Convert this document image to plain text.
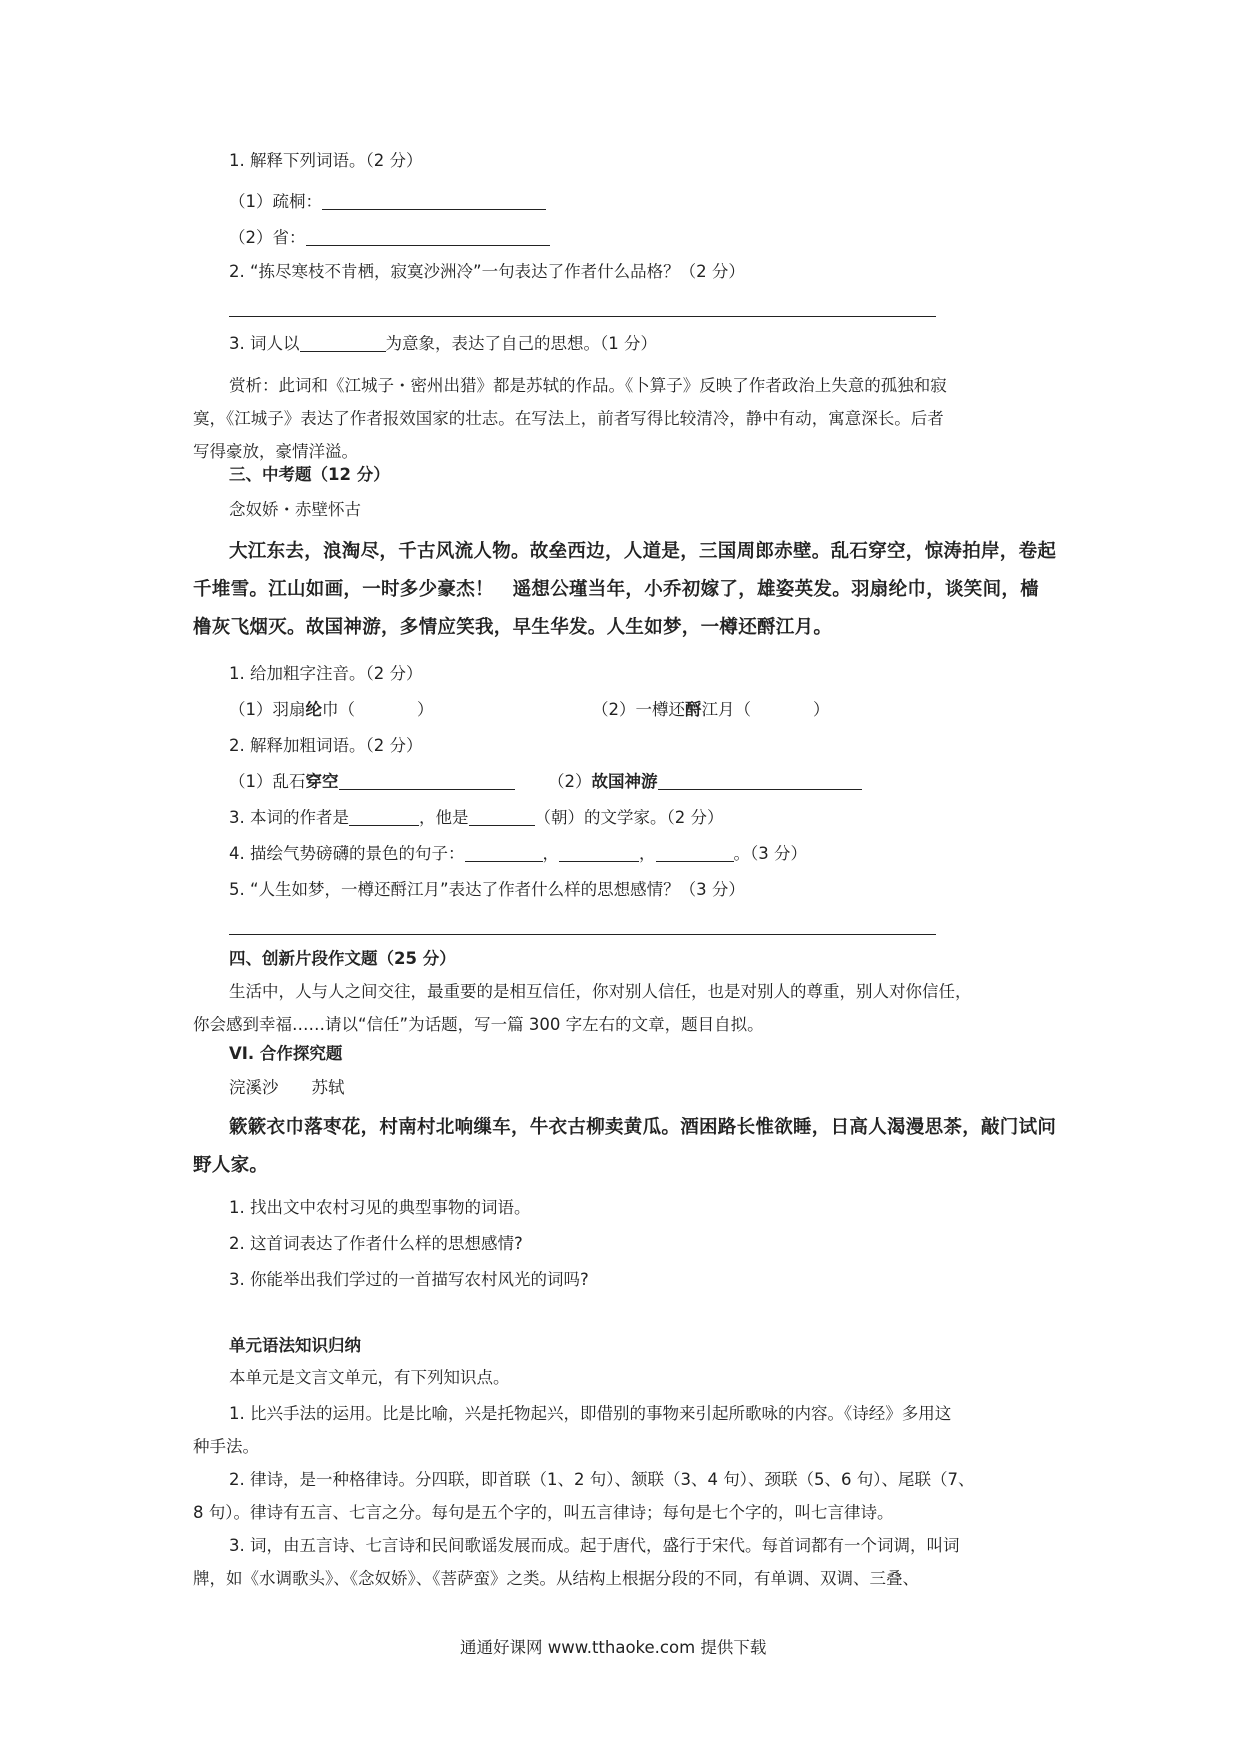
1. 解释下列词语。（2 分）
（1）疏桐：
（2）省：
2. “拣尽寒枝不肯栖，寂寞沙洲冷”一句表达了作者什么品格？（2 分）
3. 词人以	为意象，表达了自己的思想。（1 分）
赏析：此词和《江城子・密州出猎》都是苏轼的作品。《卜算子》反映了作者政治上失意的孤独和寂
寞，《江城子》表达了作者报效国家的壮志。在写法上，前者写得比较清冷，静中有动，寓意深长。后者
写得豪放，豪情洋溢。
三、中考题（12 分）
念奴娇・赤壁怀古
大江东去，浪淘尽，千古风流人物。故垒西边，人道是，三国周郎赤壁。乱石穿空，惊涛拍岸，卷起
千堆雪。江山如画，一时多少豪杰！　遥想公瑾当年，小乔初嫁了，雄姿英发。羽扇纶巾，谈笑间，樯
橹灰飞烟灭。故国神游，多情应笑我，早生华发。人生如梦，一樽还酹江月。
1. 给加粗字注音。（2 分）
（1）羽扇纶巾（	）	（2）一樽还酹江月（	）
2. 解释加粗词语。（2 分）
（1）乱石穿空	（2）故国神游
3. 本词的作者是	，他是	（朝）的文学家。（2 分）
4. 描绘气势磅礴的景色的句子：	，	，	。（3 分）
5. “人生如梦，一樽还酹江月”表达了作者什么样的思想感情？（3 分）
四、创新片段作文题（25 分）
生活中，人与人之间交往，最重要的是相互信任，你对别人信任，也是对别人的尊重，别人对你信任，
你会感到幸福……请以“信任”为话题，写一篇 300 字左右的文章，题目自拟。
VI. 合作探究题
浣溪沙　　苏轼
簌簌衣巾落枣花，村南村北响缫车，牛衣古柳卖黄瓜。酒困路长惟欲睡，日高人渴漫思茶，敲门试问
野人家。
1. 找出文中农村习见的典型事物的词语。
2. 这首词表达了作者什么样的思想感情?
3. 你能举出我们学过的一首描写农村风光的词吗?
单元语法知识归纳
本单元是文言文单元，有下列知识点。
1. 比兴手法的运用。比是比喻，兴是托物起兴，即借别的事物来引起所歌咏的内容。《诗经》多用这
种手法。
2. 律诗，是一种格律诗。分四联，即首联（1、2 句）、颔联（3、4 句）、颈联（5、6 句）、尾联（7、
8 句）。律诗有五言、七言之分。每句是五个字的，叫五言律诗；每句是七个字的，叫七言律诗。
3. 词，由五言诗、七言诗和民间歌谣发展而成。起于唐代，盛行于宋代。每首词都有一个词调，叫词
牌，如《水调歌头》、《念奴娇》、《菩萨蛮》之类。从结构上根据分段的不同，有单调、双调、三叠、
通通好课网 www.tthaoke.com 提供下载
